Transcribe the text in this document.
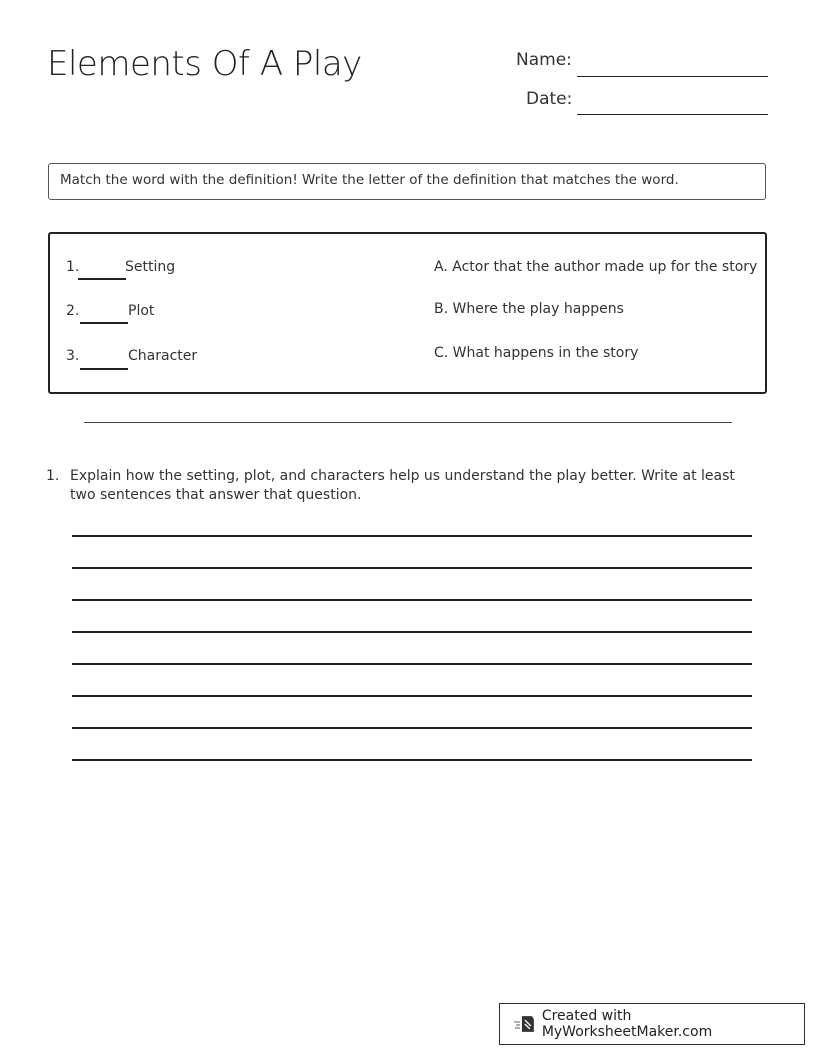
Elements Of A Play	Name:
Date:
Match the word with the definition! Write the letter of the definition that matches the word.
1.	Setting
2.	Plot
3.	Character
A. Actor that the author made up for the story
B. Where the play happens
C. What happens in the story
1. Explain how the setting, plot, and characters help us understand the play better. Write at least two sentences that answer that question.
Created with MyWorksheetMaker.com
